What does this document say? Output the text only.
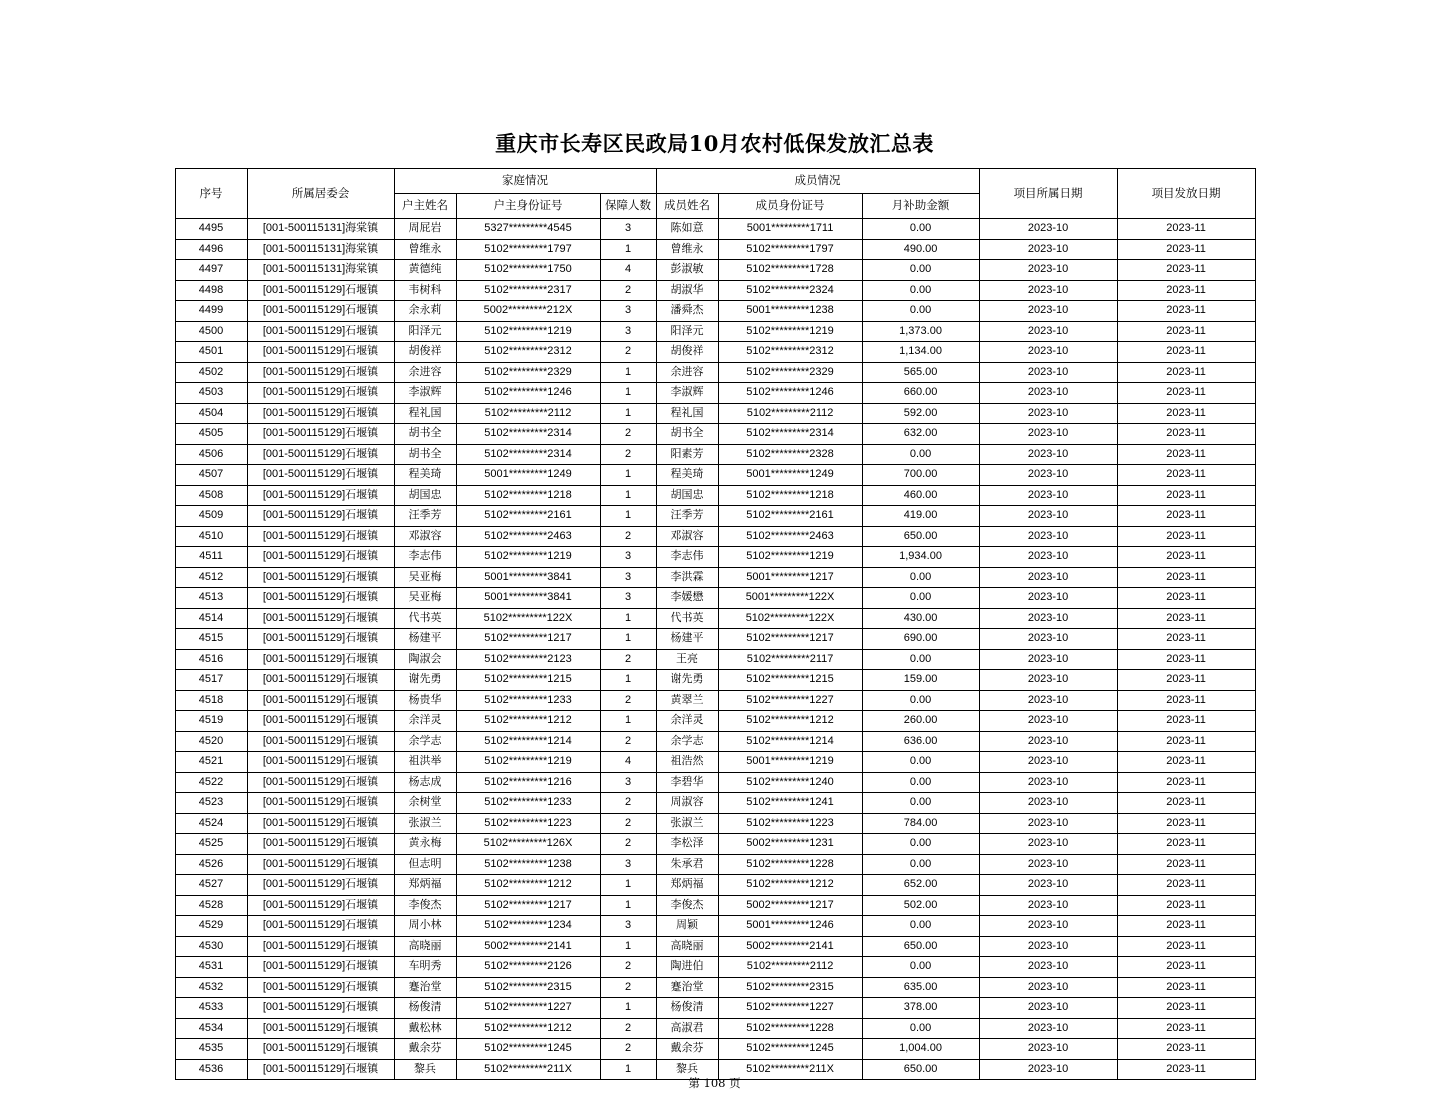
重庆市长寿区民政局10月农村低保发放汇总表
序号	所属居委会	家庭情况			成员情况			项目所属日期	项目发放日期
		户主姓名	户主身份证号	保障人数	成员姓名	成员身份证号	月补助金额		
4495	[001-500115131]海棠镇	周屁岩	5327*********4545	3	陈如意	5001*********1711	0.00	2023-10	2023-11
4496	[001-500115131]海棠镇	曾维永	5102*********1797	1	曾维永	5102*********1797	490.00	2023-10	2023-11
4497	[001-500115131]海棠镇	黄德纯	5102*********1750	4	彭淑敏	5102*********1728	0.00	2023-10	2023-11
4498	[001-500115129]石堰镇	韦树科	5102*********2317	2	胡淑华	5102*********2324	0.00	2023-10	2023-11
4499	[001-500115129]石堰镇	余永莉	5002*********212X	3	潘舜杰	5001*********1238	0.00	2023-10	2023-11
4500	[001-500115129]石堰镇	阳泽元	5102*********1219	3	阳泽元	5102*********1219	1,373.00	2023-10	2023-11
4501	[001-500115129]石堰镇	胡俊祥	5102*********2312	2	胡俊祥	5102*********2312	1,134.00	2023-10	2023-11
4502	[001-500115129]石堰镇	余进容	5102*********2329	1	余进容	5102*********2329	565.00	2023-10	2023-11
4503	[001-500115129]石堰镇	李淑辉	5102*********1246	1	李淑辉	5102*********1246	660.00	2023-10	2023-11
4504	[001-500115129]石堰镇	程礼国	5102*********2112	1	程礼国	5102*********2112	592.00	2023-10	2023-11
4505	[001-500115129]石堰镇	胡书全	5102*********2314	2	胡书全	5102*********2314	632.00	2023-10	2023-11
4506	[001-500115129]石堰镇	胡书全	5102*********2314	2	阳素芳	5102*********2328	0.00	2023-10	2023-11
4507	[001-500115129]石堰镇	程美琦	5001*********1249	1	程美琦	5001*********1249	700.00	2023-10	2023-11
4508	[001-500115129]石堰镇	胡国忠	5102*********1218	1	胡国忠	5102*********1218	460.00	2023-10	2023-11
4509	[001-500115129]石堰镇	汪季芳	5102*********2161	1	汪季芳	5102*********2161	419.00	2023-10	2023-11
4510	[001-500115129]石堰镇	邓淑容	5102*********2463	2	邓淑容	5102*********2463	650.00	2023-10	2023-11
4511	[001-500115129]石堰镇	李志伟	5102*********1219	3	李志伟	5102*********1219	1,934.00	2023-10	2023-11
4512	[001-500115129]石堰镇	吴亚梅	5001*********3841	3	李洪霖	5001*********1217	0.00	2023-10	2023-11
4513	[001-500115129]石堰镇	吴亚梅	5001*********3841	3	李媛懋	5001*********122X	0.00	2023-10	2023-11
4514	[001-500115129]石堰镇	代书英	5102*********122X	1	代书英	5102*********122X	430.00	2023-10	2023-11
4515	[001-500115129]石堰镇	杨建平	5102*********1217	1	杨建平	5102*********1217	690.00	2023-10	2023-11
4516	[001-500115129]石堰镇	陶淑会	5102*********2123	2	王亮	5102*********2117	0.00	2023-10	2023-11
4517	[001-500115129]石堰镇	谢先勇	5102*********1215	1	谢先勇	5102*********1215	159.00	2023-10	2023-11
4518	[001-500115129]石堰镇	杨贵华	5102*********1233	2	黄翠兰	5102*********1227	0.00	2023-10	2023-11
4519	[001-500115129]石堰镇	余洋灵	5102*********1212	1	余洋灵	5102*********1212	260.00	2023-10	2023-11
4520	[001-500115129]石堰镇	余学志	5102*********1214	2	余学志	5102*********1214	636.00	2023-10	2023-11
4521	[001-500115129]石堰镇	祖洪举	5102*********1219	4	祖浩然	5001*********1219	0.00	2023-10	2023-11
4522	[001-500115129]石堰镇	杨志成	5102*********1216	3	李碧华	5102*********1240	0.00	2023-10	2023-11
4523	[001-500115129]石堰镇	余树堂	5102*********1233	2	周淑容	5102*********1241	0.00	2023-10	2023-11
4524	[001-500115129]石堰镇	张淑兰	5102*********1223	2	张淑兰	5102*********1223	784.00	2023-10	2023-11
4525	[001-500115129]石堰镇	黄永梅	5102*********126X	2	李松泽	5002*********1231	0.00	2023-10	2023-11
4526	[001-500115129]石堰镇	但志明	5102*********1238	3	朱承君	5102*********1228	0.00	2023-10	2023-11
4527	[001-500115129]石堰镇	郑炳福	5102*********1212	1	郑炳福	5102*********1212	652.00	2023-10	2023-11
4528	[001-500115129]石堰镇	李俊杰	5102*********1217	1	李俊杰	5002*********1217	502.00	2023-10	2023-11
4529	[001-500115129]石堰镇	周小林	5102*********1234	3	周颖	5001*********1246	0.00	2023-10	2023-11
4530	[001-500115129]石堰镇	高晓丽	5002*********2141	1	高晓丽	5002*********2141	650.00	2023-10	2023-11
4531	[001-500115129]石堰镇	车明秀	5102*********2126	2	陶进伯	5102*********2112	0.00	2023-10	2023-11
4532	[001-500115129]石堰镇	蹇治堂	5102*********2315	2	蹇治堂	5102*********2315	635.00	2023-10	2023-11
4533	[001-500115129]石堰镇	杨俊清	5102*********1227	1	杨俊清	5102*********1227	378.00	2023-10	2023-11
4534	[001-500115129]石堰镇	戴松林	5102*********1212	2	高淑君	5102*********1228	0.00	2023-10	2023-11
4535	[001-500115129]石堰镇	戴余芬	5102*********1245	2	戴余芬	5102*********1245	1,004.00	2023-10	2023-11
4536	[001-500115129]石堰镇	黎兵	5102*********211X	1	黎兵	5102*********211X	650.00	2023-10	2023-11
第 108 页
